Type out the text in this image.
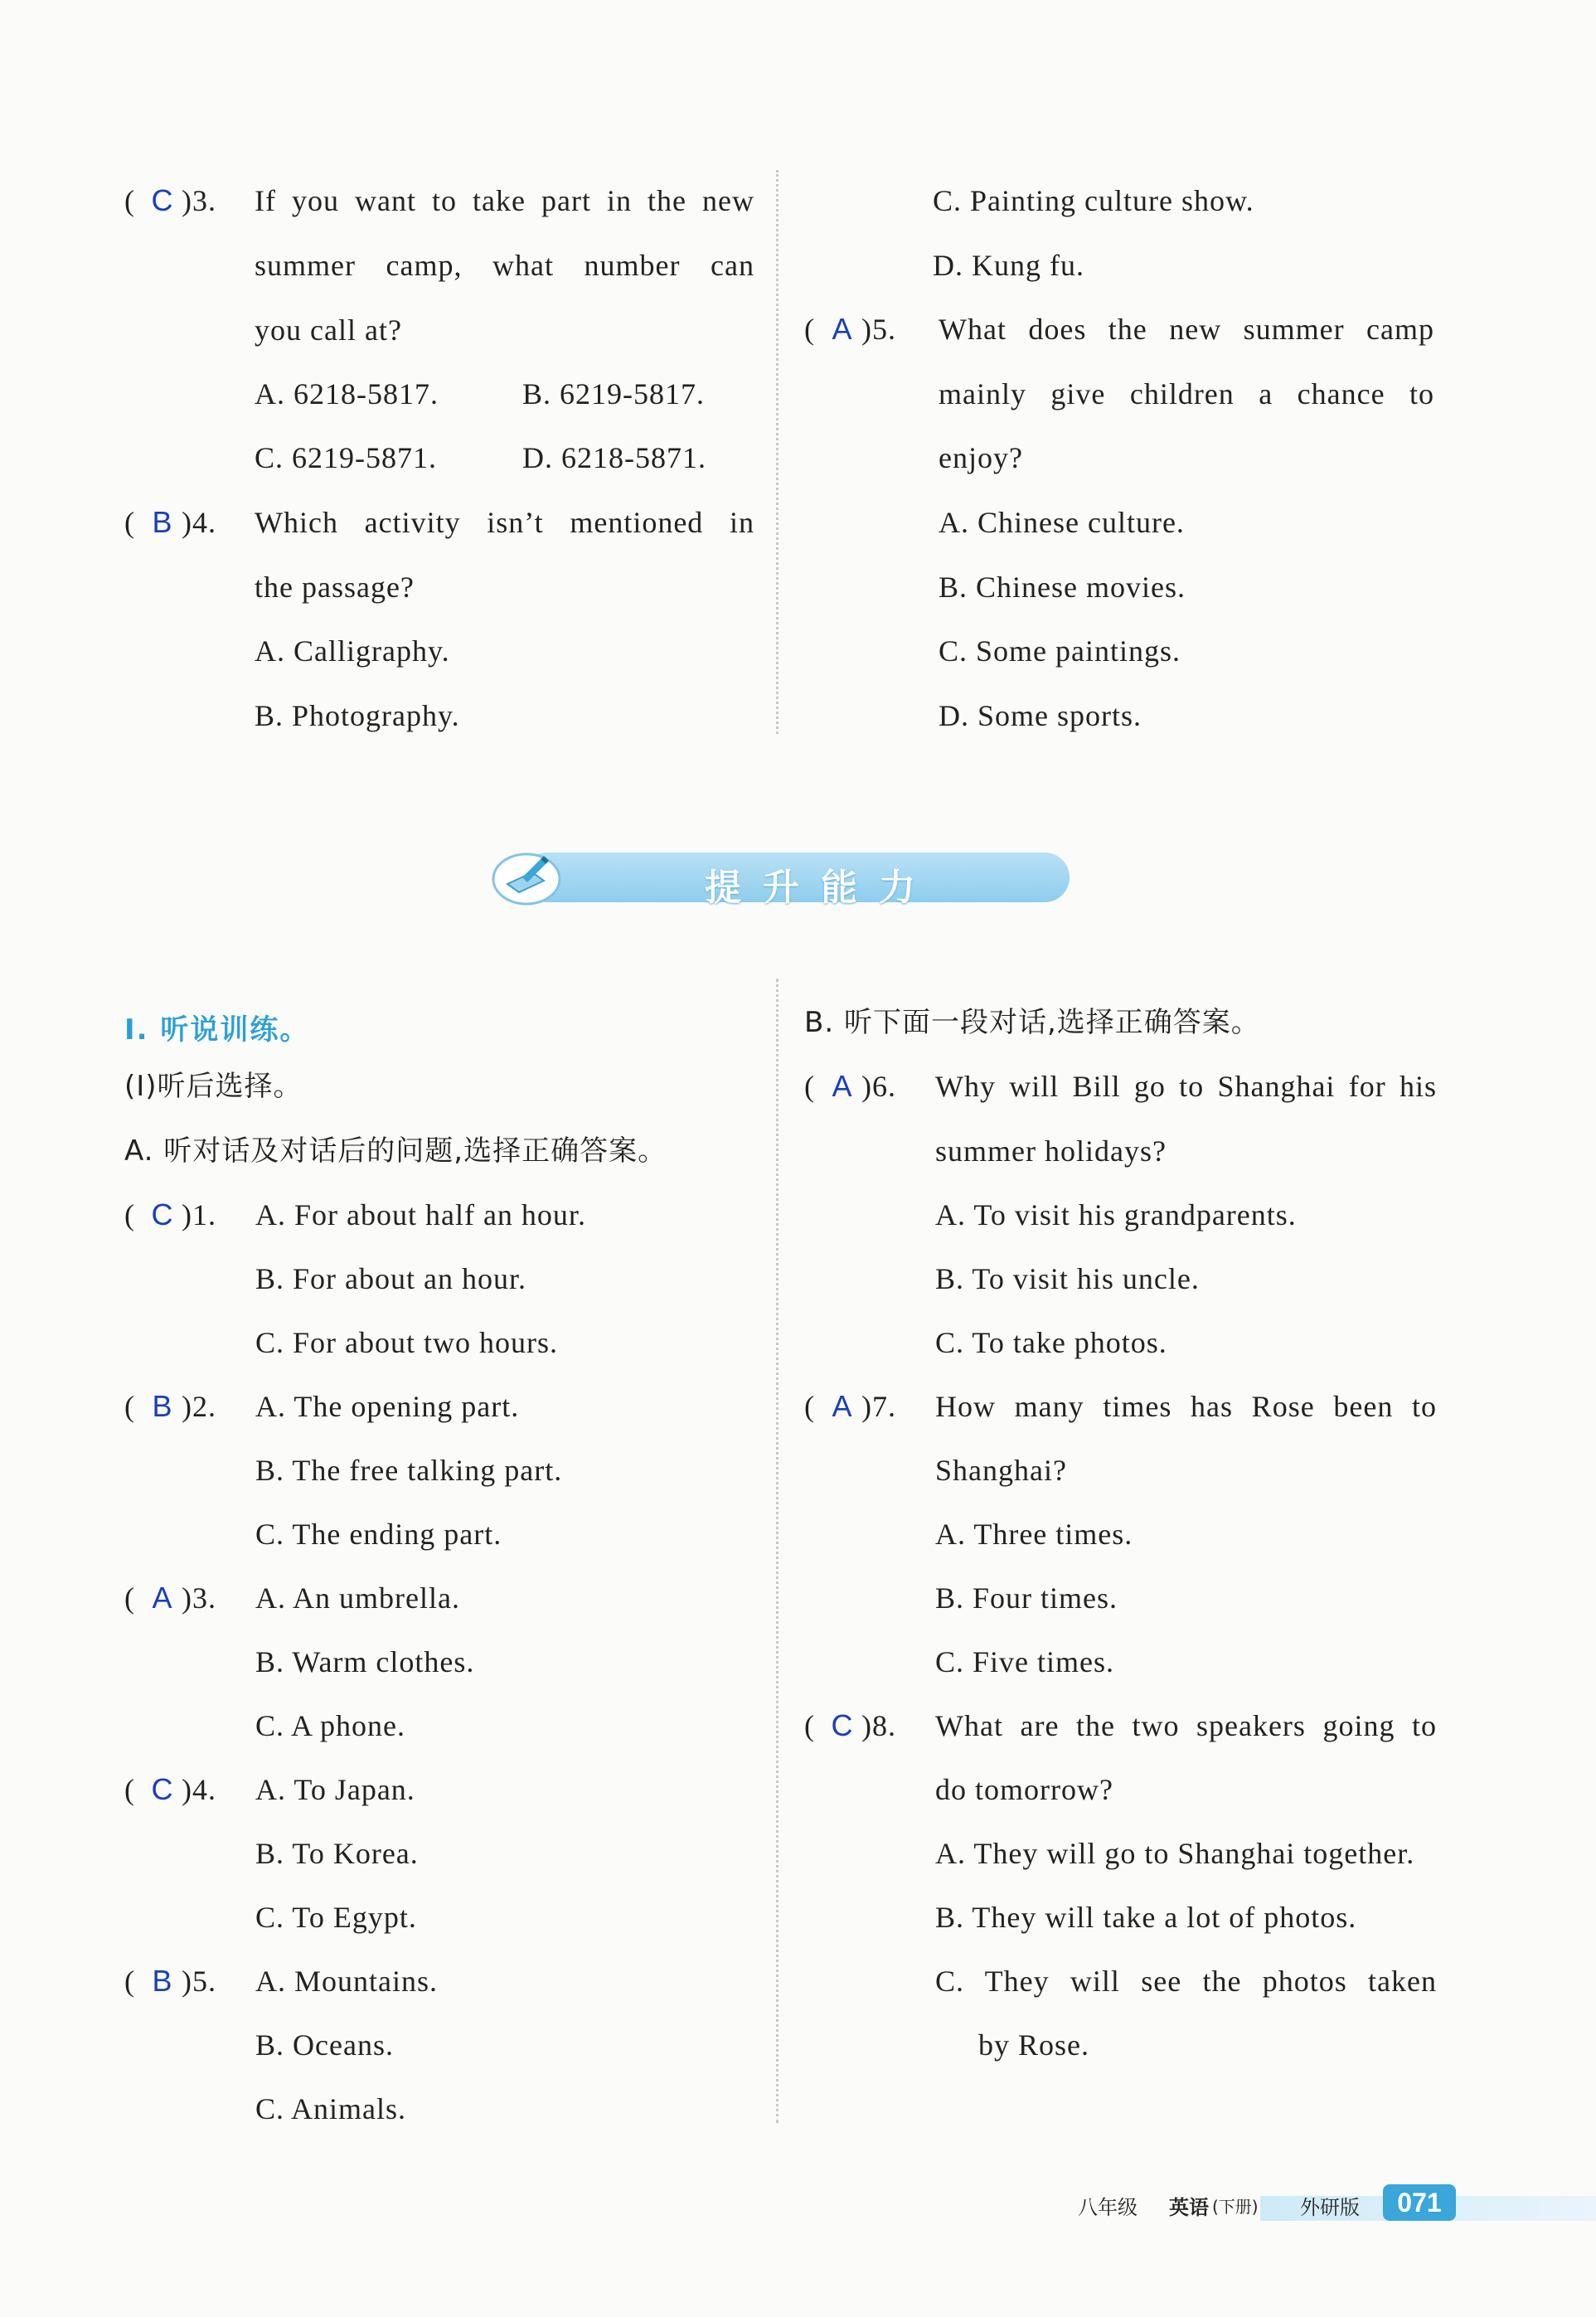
( C )3.	If you want to take part in the new
summer camp, what number can
you call at?
A. 6218-5817.	B. 6219-5817.
C. 6219-5871.	D. 6218-5871.
( B )4. Which activity isn’t mentioned in
the passage?
A. Calligraphy.
B. Photography.
C. Painting culture show.
D. Kung fu.
( A )5. What does the new summer camp
mainly give children a chance to
enjoy?
A. Chinese culture.
B. Chinese movies.
C. Some paintings.
D. Some sports.
提升能力
Ⅰ. 听说训练。
(Ⅰ)听后选择。
A. 听对话及对话后的问题,选择正确答案。
B. 听下面一段对话,选择正确答案。
( C )1. A. For about half an hour.
B. For about an hour.
C. For about two hours.
( B )2. A. The opening part.
B. The free talking part.
C. The ending part.
( A )3. A. An umbrella.
B. Warm clothes.
C. A phone.
( C )4. A. To Japan.
B. To Korea.
C. To Egypt.
( B )5. A. Mountains.
B. Oceans.
C. Animals.
( A )6. Why will Bill go to Shanghai for his
summer holidays?
A. To visit his grandparents.
B. To visit his uncle.
C. To take photos.
( A )7. How many times has Rose been to
Shanghai?
A. Three times.
B. Four times.
C. Five times.
( C )8. What are the two speakers going to
do tomorrow?
A. They will go to Shanghai together.
B. They will take a lot of photos.
C. They will see the photos taken
by Rose.
八年级 英语 (下册) 外研版	071
